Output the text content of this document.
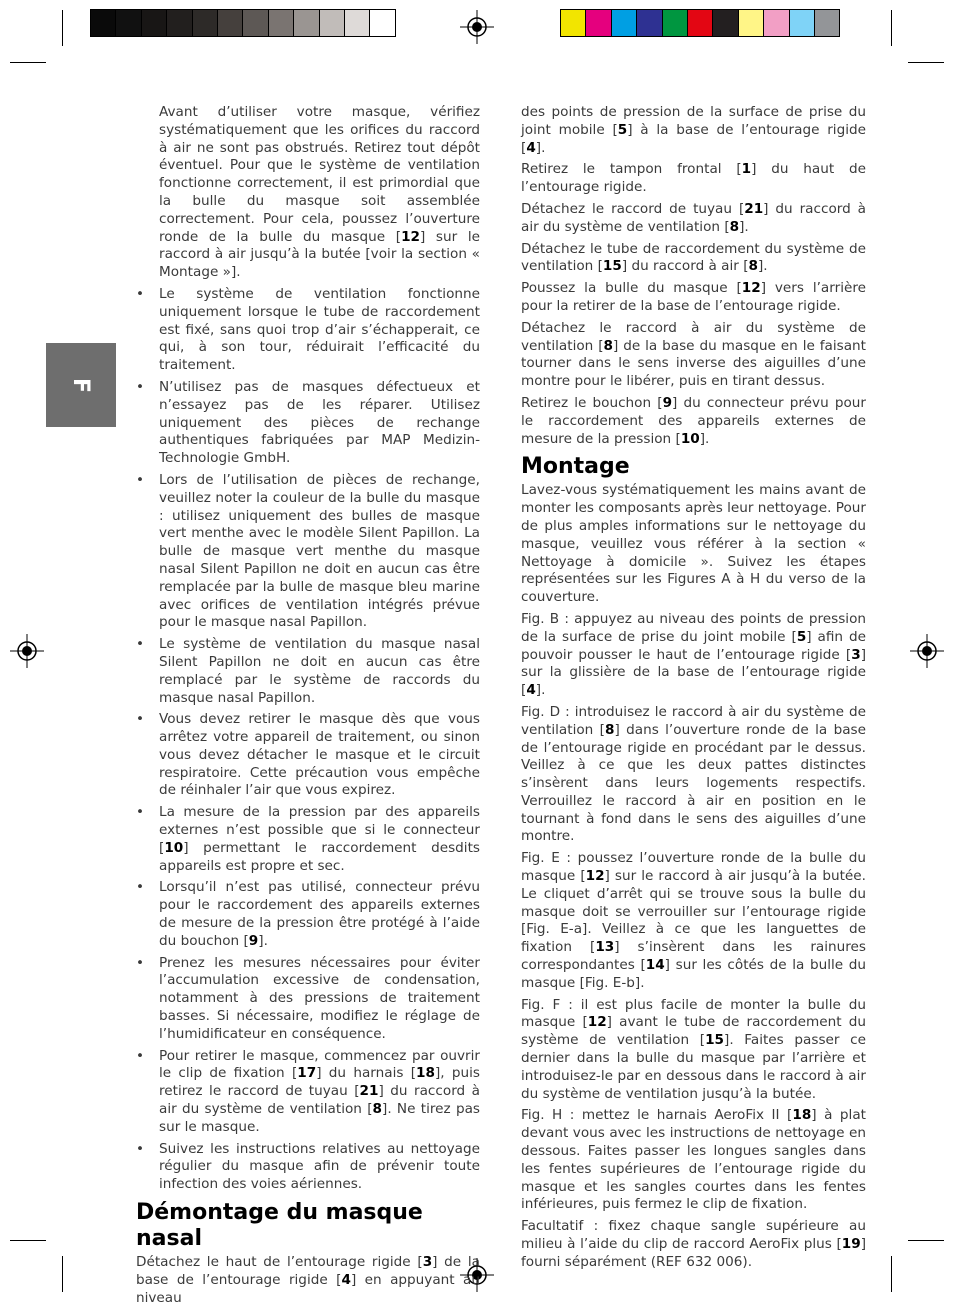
F

Avant d’utiliser votre masque, vérifiez systématiquement que les orifices du raccord à air ne sont pas obstrués. Retirez tout dépôt éventuel. Pour que le système de ventilation fonctionne correctement, il est primordial que la bulle du masque soit assemblée correctement. Pour cela, poussez l’ouverture ronde de la bulle du masque [12] sur le raccord à air jusqu’à la butée [voir la section « Montage »].

• Le système de ventilation fonctionne uniquement lorsque le tube de raccordement est fixé, sans quoi trop d’air s’échapperait, ce qui, à son tour, réduirait l’efficacité du traitement.
• N’utilisez pas de masques défectueux et n’essayez pas de les réparer. Utilisez uniquement des pièces de rechange authentiques fabriquées par MAP Medizin-Technologie GmbH.
• Lors de l’utilisation de pièces de rechange, veuillez noter la couleur de la bulle du masque : utilisez uniquement des bulles de masque vert menthe avec le modèle Silent Papillon. La bulle de masque vert menthe du masque nasal Silent Papillon ne doit en aucun cas être remplacée par la bulle de masque bleu marine avec orifices de ventilation intégrés prévue pour le masque nasal Papillon.
• Le système de ventilation du masque nasal Silent Papillon ne doit en aucun cas être remplacé par le système de raccords du masque nasal Papillon.
• Vous devez retirer le masque dès que vous arrêtez votre appareil de traitement, ou sinon vous devez détacher le masque et le circuit respiratoire. Cette précaution vous empêche de réinhaler l’air que vous expirez.
• La mesure de la pression par des appareils externes n’est possible que si le connecteur [10] permettant le raccordement desdits appareils est propre et sec.
• Lorsqu’il n’est pas utilisé, connecteur prévu pour le raccordement des appareils externes de mesure de la pression être protégé à l’aide du bouchon [9].
• Prenez les mesures nécessaires pour éviter l’accumulation excessive de condensation, notamment à des pressions de traitement basses. Si nécessaire, modifiez le réglage de l’humidificateur en conséquence.
• Pour retirer le masque, commencez par ouvrir le clip de fixation [17] du harnais [18], puis retirez le raccord de tuyau [21] du raccord à air du système de ventilation [8]. Ne tirez pas sur le masque.
• Suivez les instructions relatives au nettoyage régulier du masque afin de prévenir toute infection des voies aériennes.
Démontage du masque nasal

Détachez le haut de l’entourage rigide [3] de la base de l’entourage rigide [4] en appuyant au niveau

des points de pression de la surface de prise du joint mobile [5] à la base de l’entourage rigide [4].

Retirez le tampon frontal [1] du haut de l’entourage rigide.

Détachez le raccord de tuyau [21] du raccord à air du système de ventilation [8].

Détachez le tube de raccordement du système de ventilation [15] du raccord à air [8].

Poussez la bulle du masque [12] vers l’arrière pour la retirer de la base de l’entourage rigide.

Détachez le raccord à air du système de ventilation [8] de la base du masque en le faisant tourner dans le sens inverse des aiguilles d’une montre pour le libérer, puis en tirant dessus.

Retirez le bouchon [9] du connecteur prévu pour le raccordement des appareils externes de mesure de la pression [10].

Montage

Lavez-vous systématiquement les mains avant de monter les composants après leur nettoyage. Pour de plus amples informations sur le nettoyage du masque, veuillez vous référer à la section « Nettoyage à domicile ». Suivez les étapes représentées sur les Figures A à H du verso de la couverture.

Fig. B : appuyez au niveau des points de pression de la surface de prise du joint mobile [5] afin de pouvoir pousser le haut de l’entourage rigide [3] sur la glissière de la base de l’entourage rigide [4].

Fig. D : introduisez le raccord à air du système de ventilation [8] dans l’ouverture ronde de la base de l’entourage rigide en procédant par le dessus. Veillez à ce que les deux pattes distinctes s’insèrent dans leurs logements respectifs. Verrouillez le raccord à air en position en le tournant à fond dans le sens des aiguilles d’une montre.

Fig. E : poussez l’ouverture ronde de la bulle du masque [12] sur le raccord à air jusqu’à la butée. Le cliquet d’arrêt qui se trouve sous la bulle du masque doit se verrouiller sur l’entourage rigide [Fig. E-a]. Veillez à ce que les languettes de fixation [13] s’insèrent dans les rainures correspondantes [14] sur les côtés de la bulle du masque [Fig. E-b].

Fig. F : il est plus facile de monter la bulle du masque [12] avant le tube de raccordement du système de ventilation [15]. Faites passer ce dernier dans la bulle du masque par l’arrière et introduisez-le par en dessous dans le raccord à air du système de ventilation jusqu’à la butée.

Fig. H : mettez le harnais AeroFix II [18] à plat devant vous avec les instructions de nettoyage en dessous. Faites passer les longues sangles dans les fentes supérieures de l’entourage rigide du masque et les sangles courtes dans les fentes inférieures, puis fermez le clip de fixation.

Facultatif : fixez chaque sangle supérieure au milieu à l’aide du clip de raccord AeroFix plus [19] fourni séparément (REF 632 006).
